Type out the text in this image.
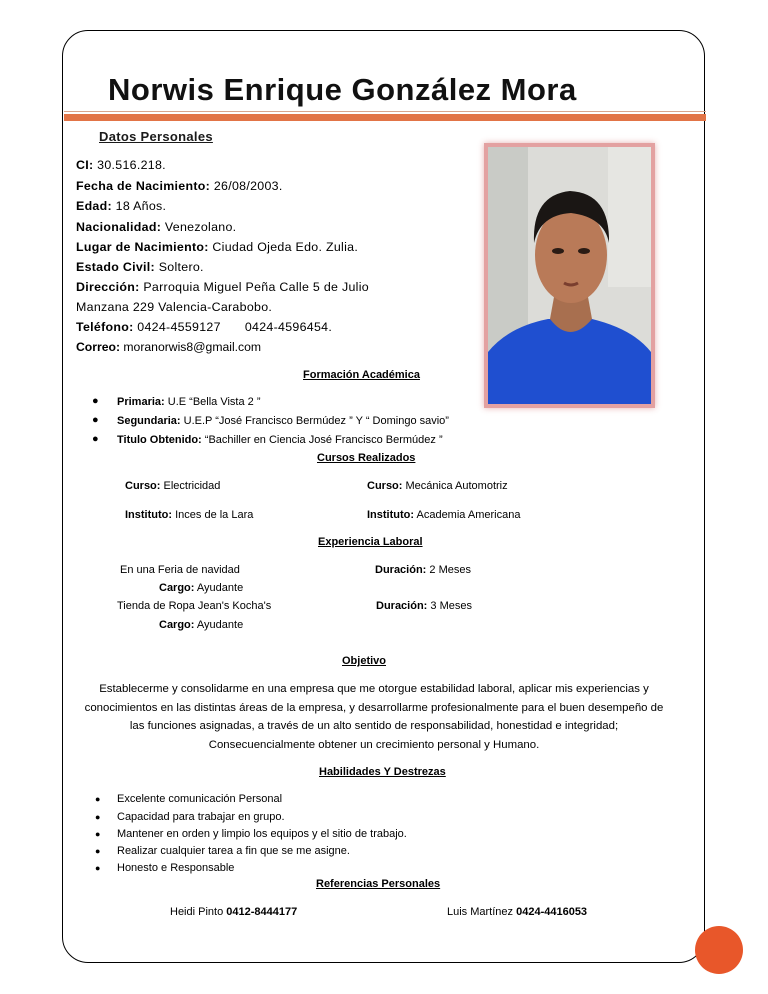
Norwis Enrique González Mora
Datos Personales
CI: 30.516.218.
Fecha de Nacimiento: 26/08/2003.
Edad: 18 Años.
Nacionalidad: Venezolano.
Lugar de Nacimiento: Ciudad Ojeda Edo. Zulia.
Estado Civil: Soltero.
Dirección: Parroquia Miguel Peña Calle 5 de Julio
Manzana 229 Valencia-Carabobo.
Teléfono: 0424-4559127 0424-4596454.
Correo: moranorwis8@gmail.com
Formación Académica
● Primaria: U.E “Bella Vista 2 ”
● Segundaria: U.E.P “José Francisco Bermúdez ” Y “ Domingo savio”
● Titulo Obtenido: “Bachiller en Ciencia José Francisco Bermúdez ”
Cursos Realizados
Curso: Electricidad	Curso: Mecánica Automotriz
Instituto: Inces de la Lara	Instituto: Academia Americana
Experiencia Laboral
En una Feria de navidad	Duración: 2 Meses
Cargo: Ayudante
Tienda de Ropa Jean's Kocha's	Duración: 3 Meses
Cargo: Ayudante
Objetivo
Establecerme y consolidarme en una empresa que me otorgue estabilidad laboral, aplicar mis experiencias y conocimientos en las distintas áreas de la empresa, y desarrollarme profesionalmente para el buen desempeño de las funciones asignadas, a través de un alto sentido de responsabilidad, honestidad e integridad; Consecuencialmente obtener un crecimiento personal y Humano.
Habilidades Y Destrezas
● Excelente comunicación Personal
● Capacidad para trabajar en grupo.
● Mantener en orden y limpio los equipos y el sitio de trabajo.
● Realizar cualquier tarea a fin que se me asigne.
● Honesto e Responsable
Referencias Personales
Heidi Pinto 0412-8444177	Luis Martínez 0424-4416053
